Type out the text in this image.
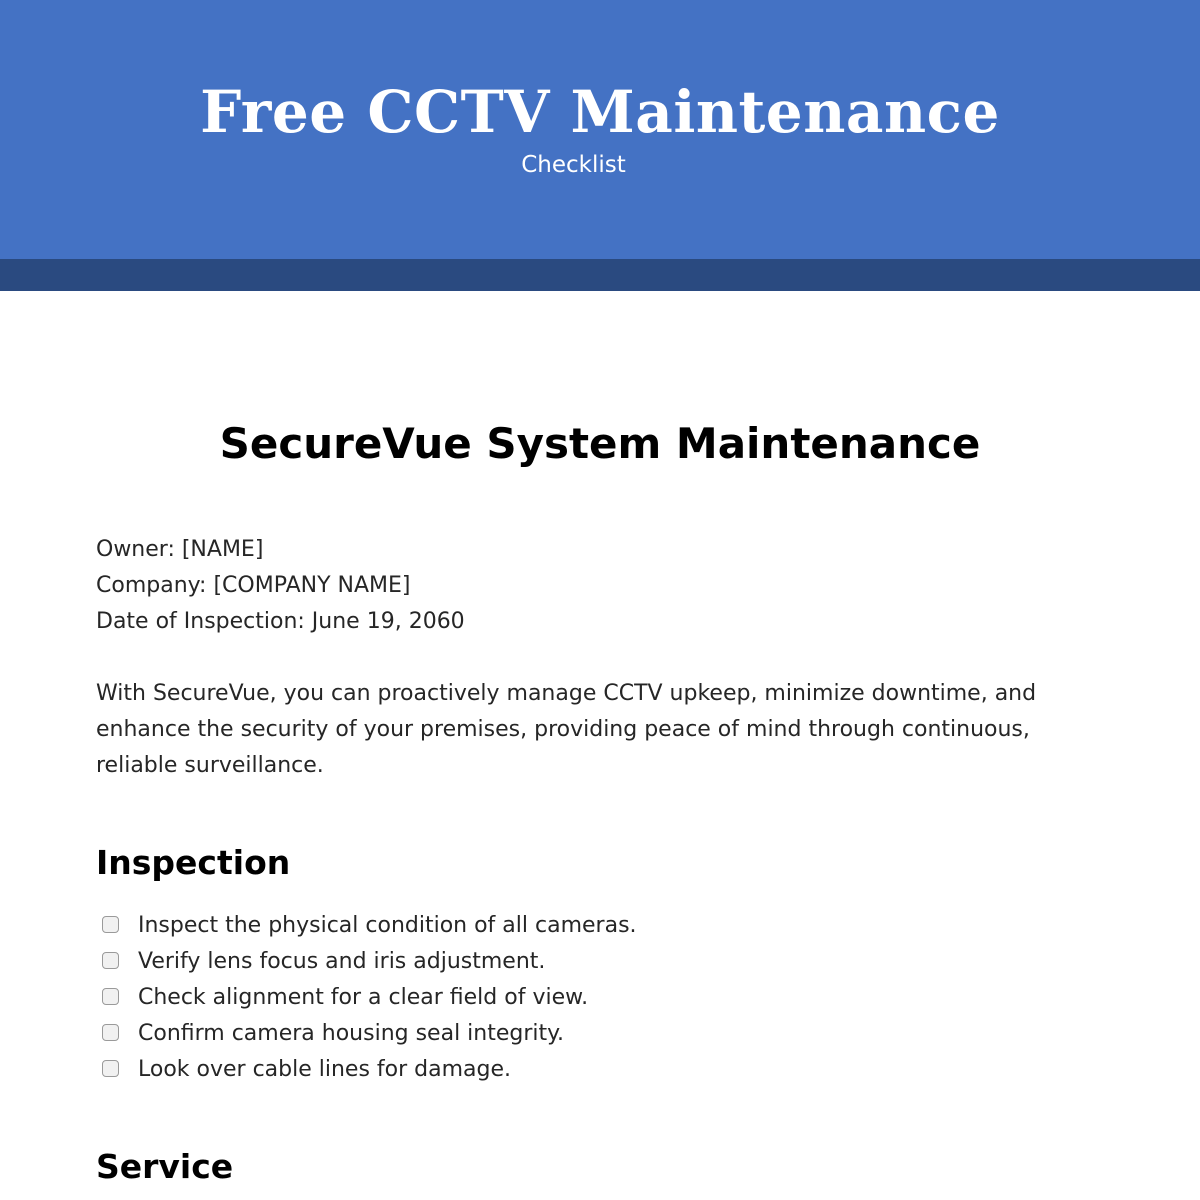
Free CCTV Maintenance

Checklist

SecureVue System Maintenance
Owner: [NAME]
Company: [COMPANY NAME]
Date of Inspection: June 19, 2060

With SecureVue, you can proactively manage CCTV upkeep, minimize downtime, and enhance the security of your premises, providing peace of mind through continuous, reliable surveillance.

Inspection
Inspect the physical condition of all cameras.
Verify lens focus and iris adjustment.
Check alignment for a clear field of view.
Confirm camera housing seal integrity.
Look over cable lines for damage.
Service
